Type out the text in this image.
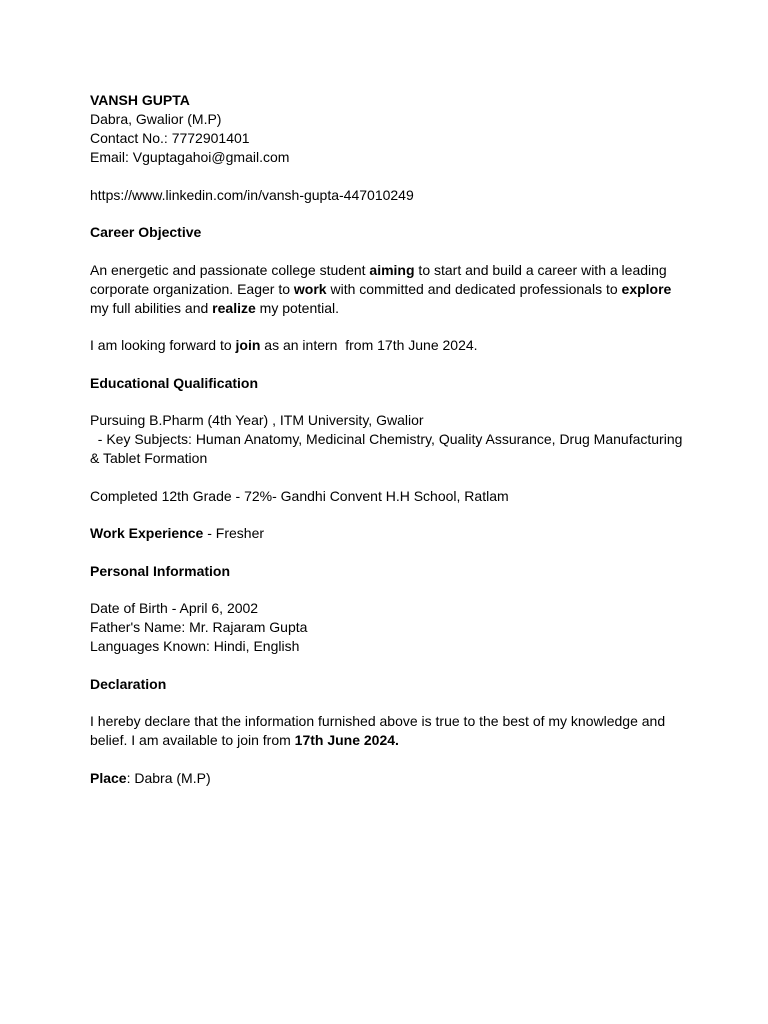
VANSH GUPTA

Dabra, Gwalior (M.P)

Contact No.: 7772901401

Email: Vguptagahoi@gmail.com

https://www.linkedin.com/in/vansh-gupta-447010249

Career Objective

An energetic and passionate college student aiming to start and build a career with a leading

corporate organization. Eager to work with committed and dedicated professionals to explore

my full abilities and realize my potential.

I am looking forward to join as an intern  from 17th June 2024.

Educational Qualification

Pursuing B.Pharm (4th Year) , ITM University, Gwalior

- Key Subjects: Human Anatomy, Medicinal Chemistry, Quality Assurance, Drug Manufacturing

& Tablet Formation

Completed 12th Grade - 72%- Gandhi Convent H.H School, Ratlam

Work Experience - Fresher

Personal Information

Date of Birth - April 6, 2002

Father's Name: Mr. Rajaram Gupta

Languages Known: Hindi, English

Declaration

I hereby declare that the information furnished above is true to the best of my knowledge and

belief. I am available to join from 17th June 2024.

Place: Dabra (M.P)
